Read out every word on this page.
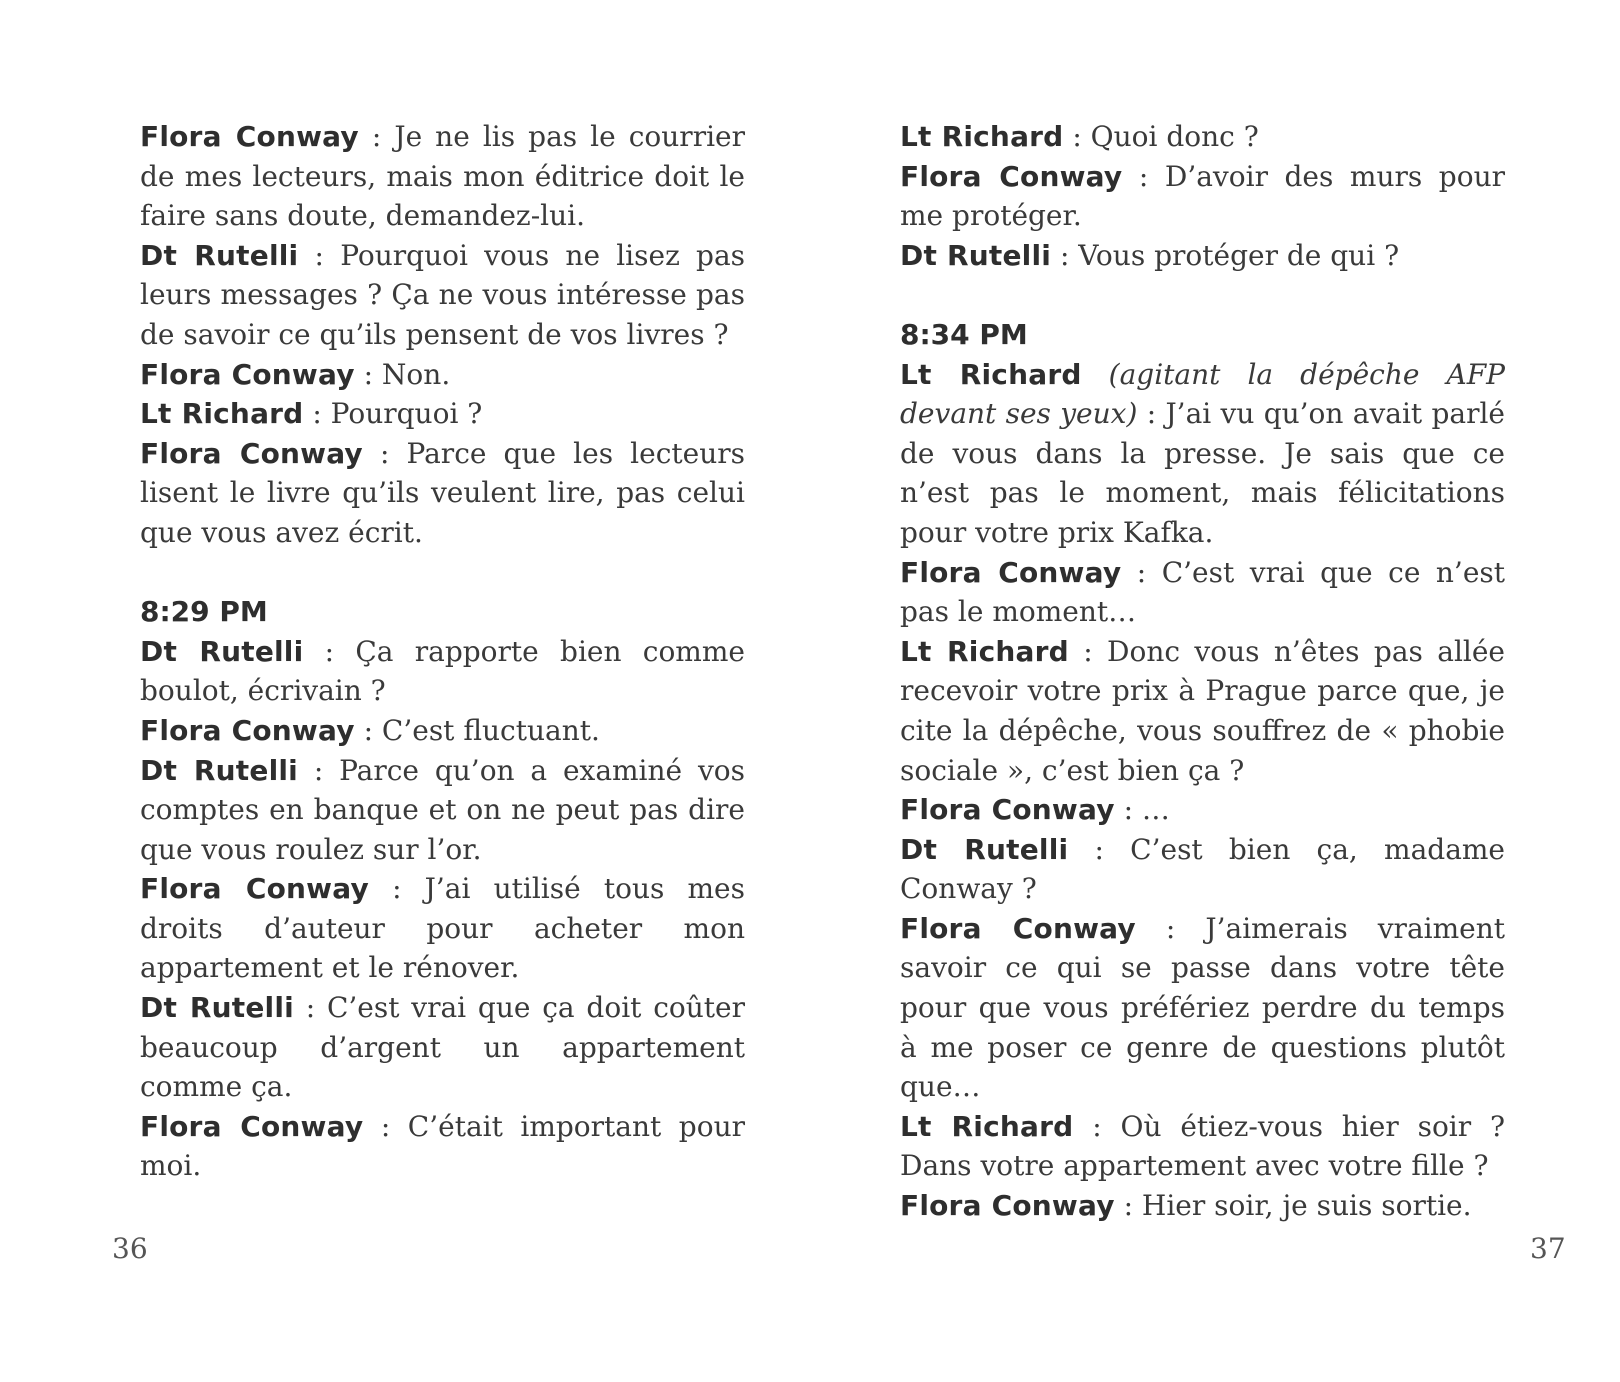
Flora Conway : Je ne lis pas le courrier de mes lecteurs, mais mon éditrice doit le faire sans doute, demandez-lui.

Dt Rutelli : Pourquoi vous ne lisez pas leurs messages ? Ça ne vous intéresse pas de savoir ce qu’ils pensent de vos livres ?

Flora Conway : Non.

Lt Richard : Pourquoi ?

Flora Conway : Parce que les lecteurs lisent le livre qu’ils veulent lire, pas celui que vous avez écrit.

8:29 PM

Dt Rutelli : Ça rapporte bien comme boulot, écrivain ?

Flora Conway : C’est fluctuant.

Dt Rutelli : Parce qu’on a examiné vos comptes en banque et on ne peut pas dire que vous roulez sur l’or.

Flora Conway : J’ai utilisé tous mes droits d’auteur pour acheter mon appartement et le rénover.

Dt Rutelli : C’est vrai que ça doit coûter beaucoup d’argent un appartement comme ça.

Flora Conway : C’était important pour moi.

36

Lt Richard : Quoi donc ?

Flora Conway : D’avoir des murs pour me protéger.

Dt Rutelli : Vous protéger de qui ?

8:34 PM

Lt Richard (agitant la dépêche AFP devant ses yeux) : J’ai vu qu’on avait parlé de vous dans la presse. Je sais que ce n’est pas le moment, mais félicitations pour votre prix Kafka.

Flora Conway : C’est vrai que ce n’est pas le moment…

Lt Richard : Donc vous n’êtes pas allée recevoir votre prix à Prague parce que, je cite la dépêche, vous souffrez de « phobie sociale », c’est bien ça ?

Flora Conway : …

Dt Rutelli : C’est bien ça, madame Conway ?

Flora Conway : J’aimerais vraiment savoir ce qui se passe dans votre tête pour que vous préfériez perdre du temps à me poser ce genre de questions plutôt que…

Lt Richard : Où étiez-vous hier soir ? Dans votre appartement avec votre fille ?

Flora Conway : Hier soir, je suis sortie.

37
